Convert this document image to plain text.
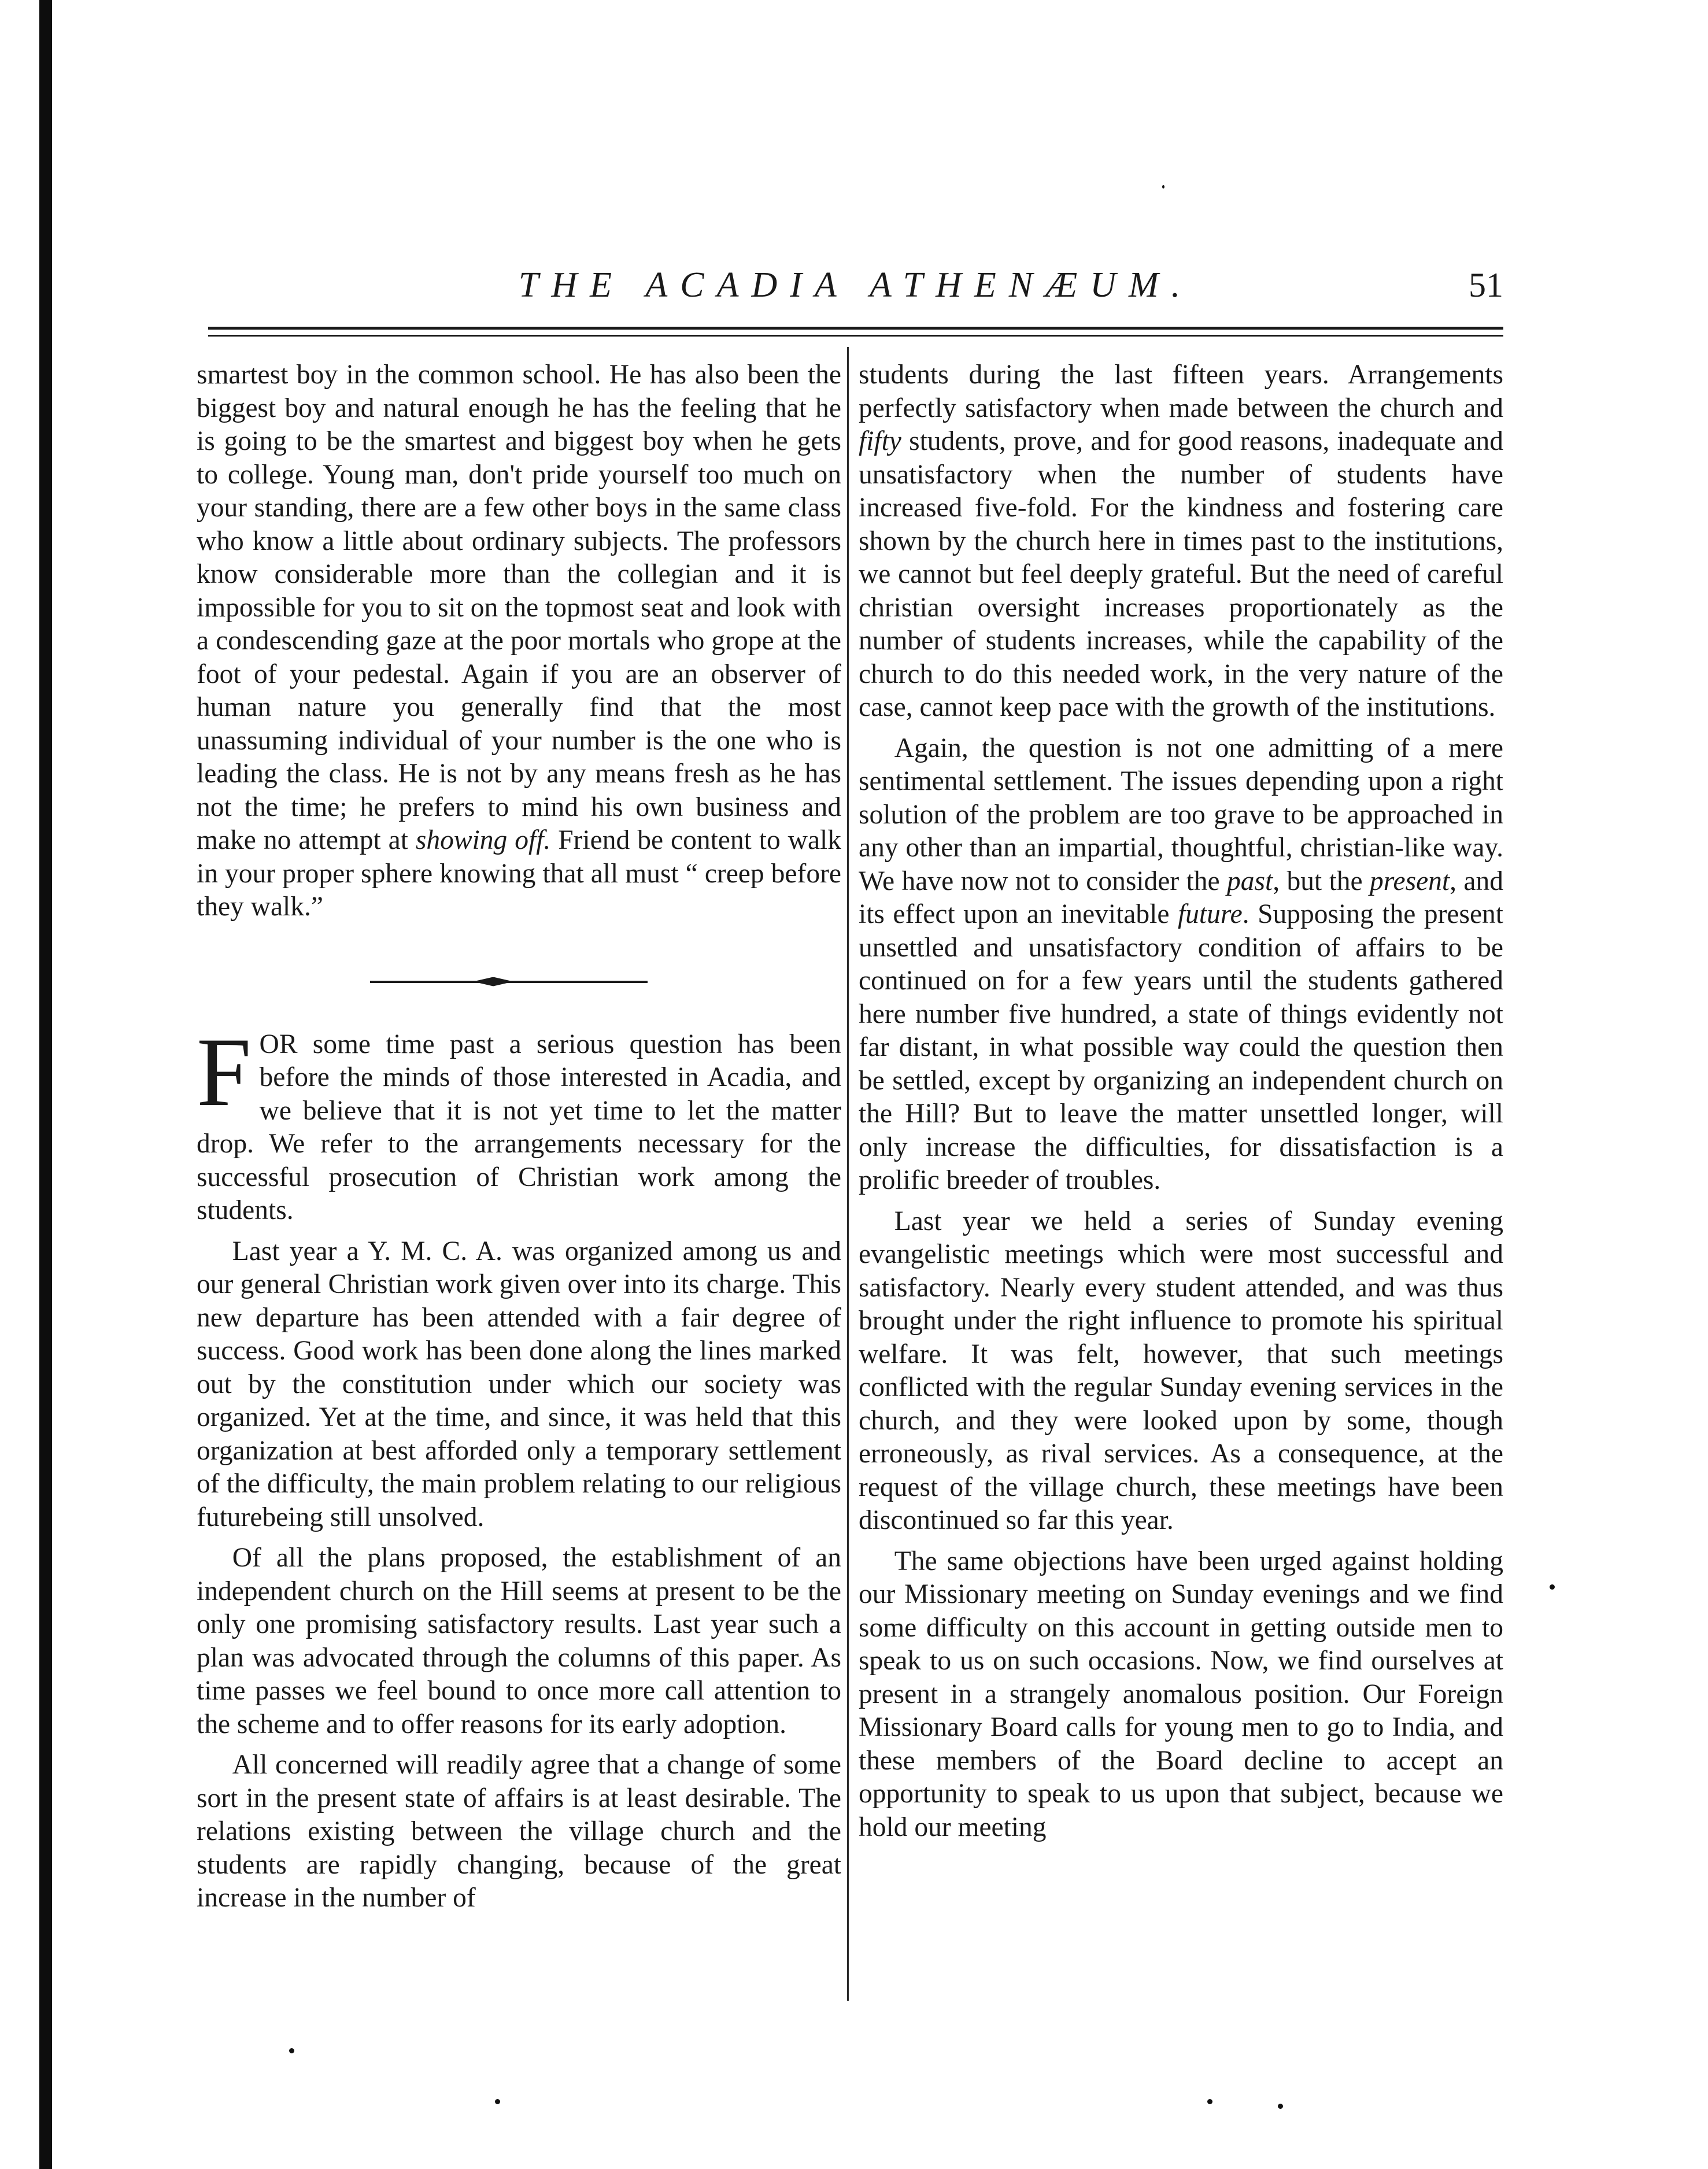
THE ACADIA ATHENÆUM.	51

smartest boy in the common school. He has also been the biggest boy and natural enough he has the feeling that he is going to be the smartest and biggest boy when he gets to college. Young man, don't pride yourself too much on your standing, there are a few other boys in the same class who know a little about ordinary subjects. The professors know considerable more than the collegian and it is impossible for you to sit on the topmost seat and look with a condescending gaze at the poor mortals who grope at the foot of your pedestal. Again if you are an observer of human nature you generally find that the most unassuming individual of your number is the one who is leading the class. He is not by any means fresh as he has not the time; he prefers to mind his own business and make no attempt at showing off. Friend be content to walk in your proper sphere knowing that all must “ creep before they walk.”

FOR some time past a serious question has been before the minds of those interested in Acadia, and we believe that it is not yet time to let the matter drop. We refer to the arrangements necessary for the successful prosecution of Christian work among the students.

Last year a Y. M. C. A. was organized among us and our general Christian work given over into its charge. This new departure has been attended with a fair degree of success. Good work has been done along the lines marked out by the constitution under which our society was organized. Yet at the time, and since, it was held that this organization at best afforded only a temporary settlement of the difficulty, the main problem relating to our religious futurebeing still unsolved.

Of all the plans proposed, the establishment of an independent church on the Hill seems at present to be the only one promising satisfactory results. Last year such a plan was advocated through the columns of this paper. As time passes we feel bound to once more call attention to the scheme and to offer reasons for its early adoption.

All concerned will readily agree that a change of some sort in the present state of affairs is at least desirable. The relations existing between the village church and the students are rapidly changing, because of the great increase in the number of

students during the last fifteen years. Arrangements perfectly satisfactory when made between the church and fifty students, prove, and for good reasons, inadequate and unsatisfactory when the number of students have increased five-fold. For the kindness and fostering care shown by the church here in times past to the institutions, we cannot but feel deeply grateful. But the need of careful christian oversight increases proportionately as the number of students increases, while the capability of the church to do this needed work, in the very nature of the case, cannot keep pace with the growth of the institutions.

Again, the question is not one admitting of a mere sentimental settlement. The issues depending upon a right solution of the problem are too grave to be approached in any other than an impartial, thoughtful, christian-like way. We have now not to consider the past, but the present, and its effect upon an inevitable future. Supposing the present unsettled and unsatisfactory condition of affairs to be continued on for a few years until the students gathered here number five hundred, a state of things evidently not far distant, in what possible way could the question then be settled, except by organizing an independent church on the Hill? But to leave the matter unsettled longer, will only increase the difficulties, for dissatisfaction is a prolific breeder of troubles.

Last year we held a series of Sunday evening evangelistic meetings which were most successful and satisfactory. Nearly every student attended, and was thus brought under the right influence to promote his spiritual welfare. It was felt, however, that such meetings conflicted with the regular Sunday evening services in the church, and they were looked upon by some, though erroneously, as rival services. As a consequence, at the request of the village church, these meetings have been discontinued so far this year.

The same objections have been urged against holding our Missionary meeting on Sunday evenings and we find some difficulty on this account in getting outside men to speak to us on such occasions. Now, we find ourselves at present in a strangely anomalous position. Our Foreign Missionary Board calls for young men to go to India, and these members of the Board decline to accept an opportunity to speak to us upon that subject, because we hold our meeting
